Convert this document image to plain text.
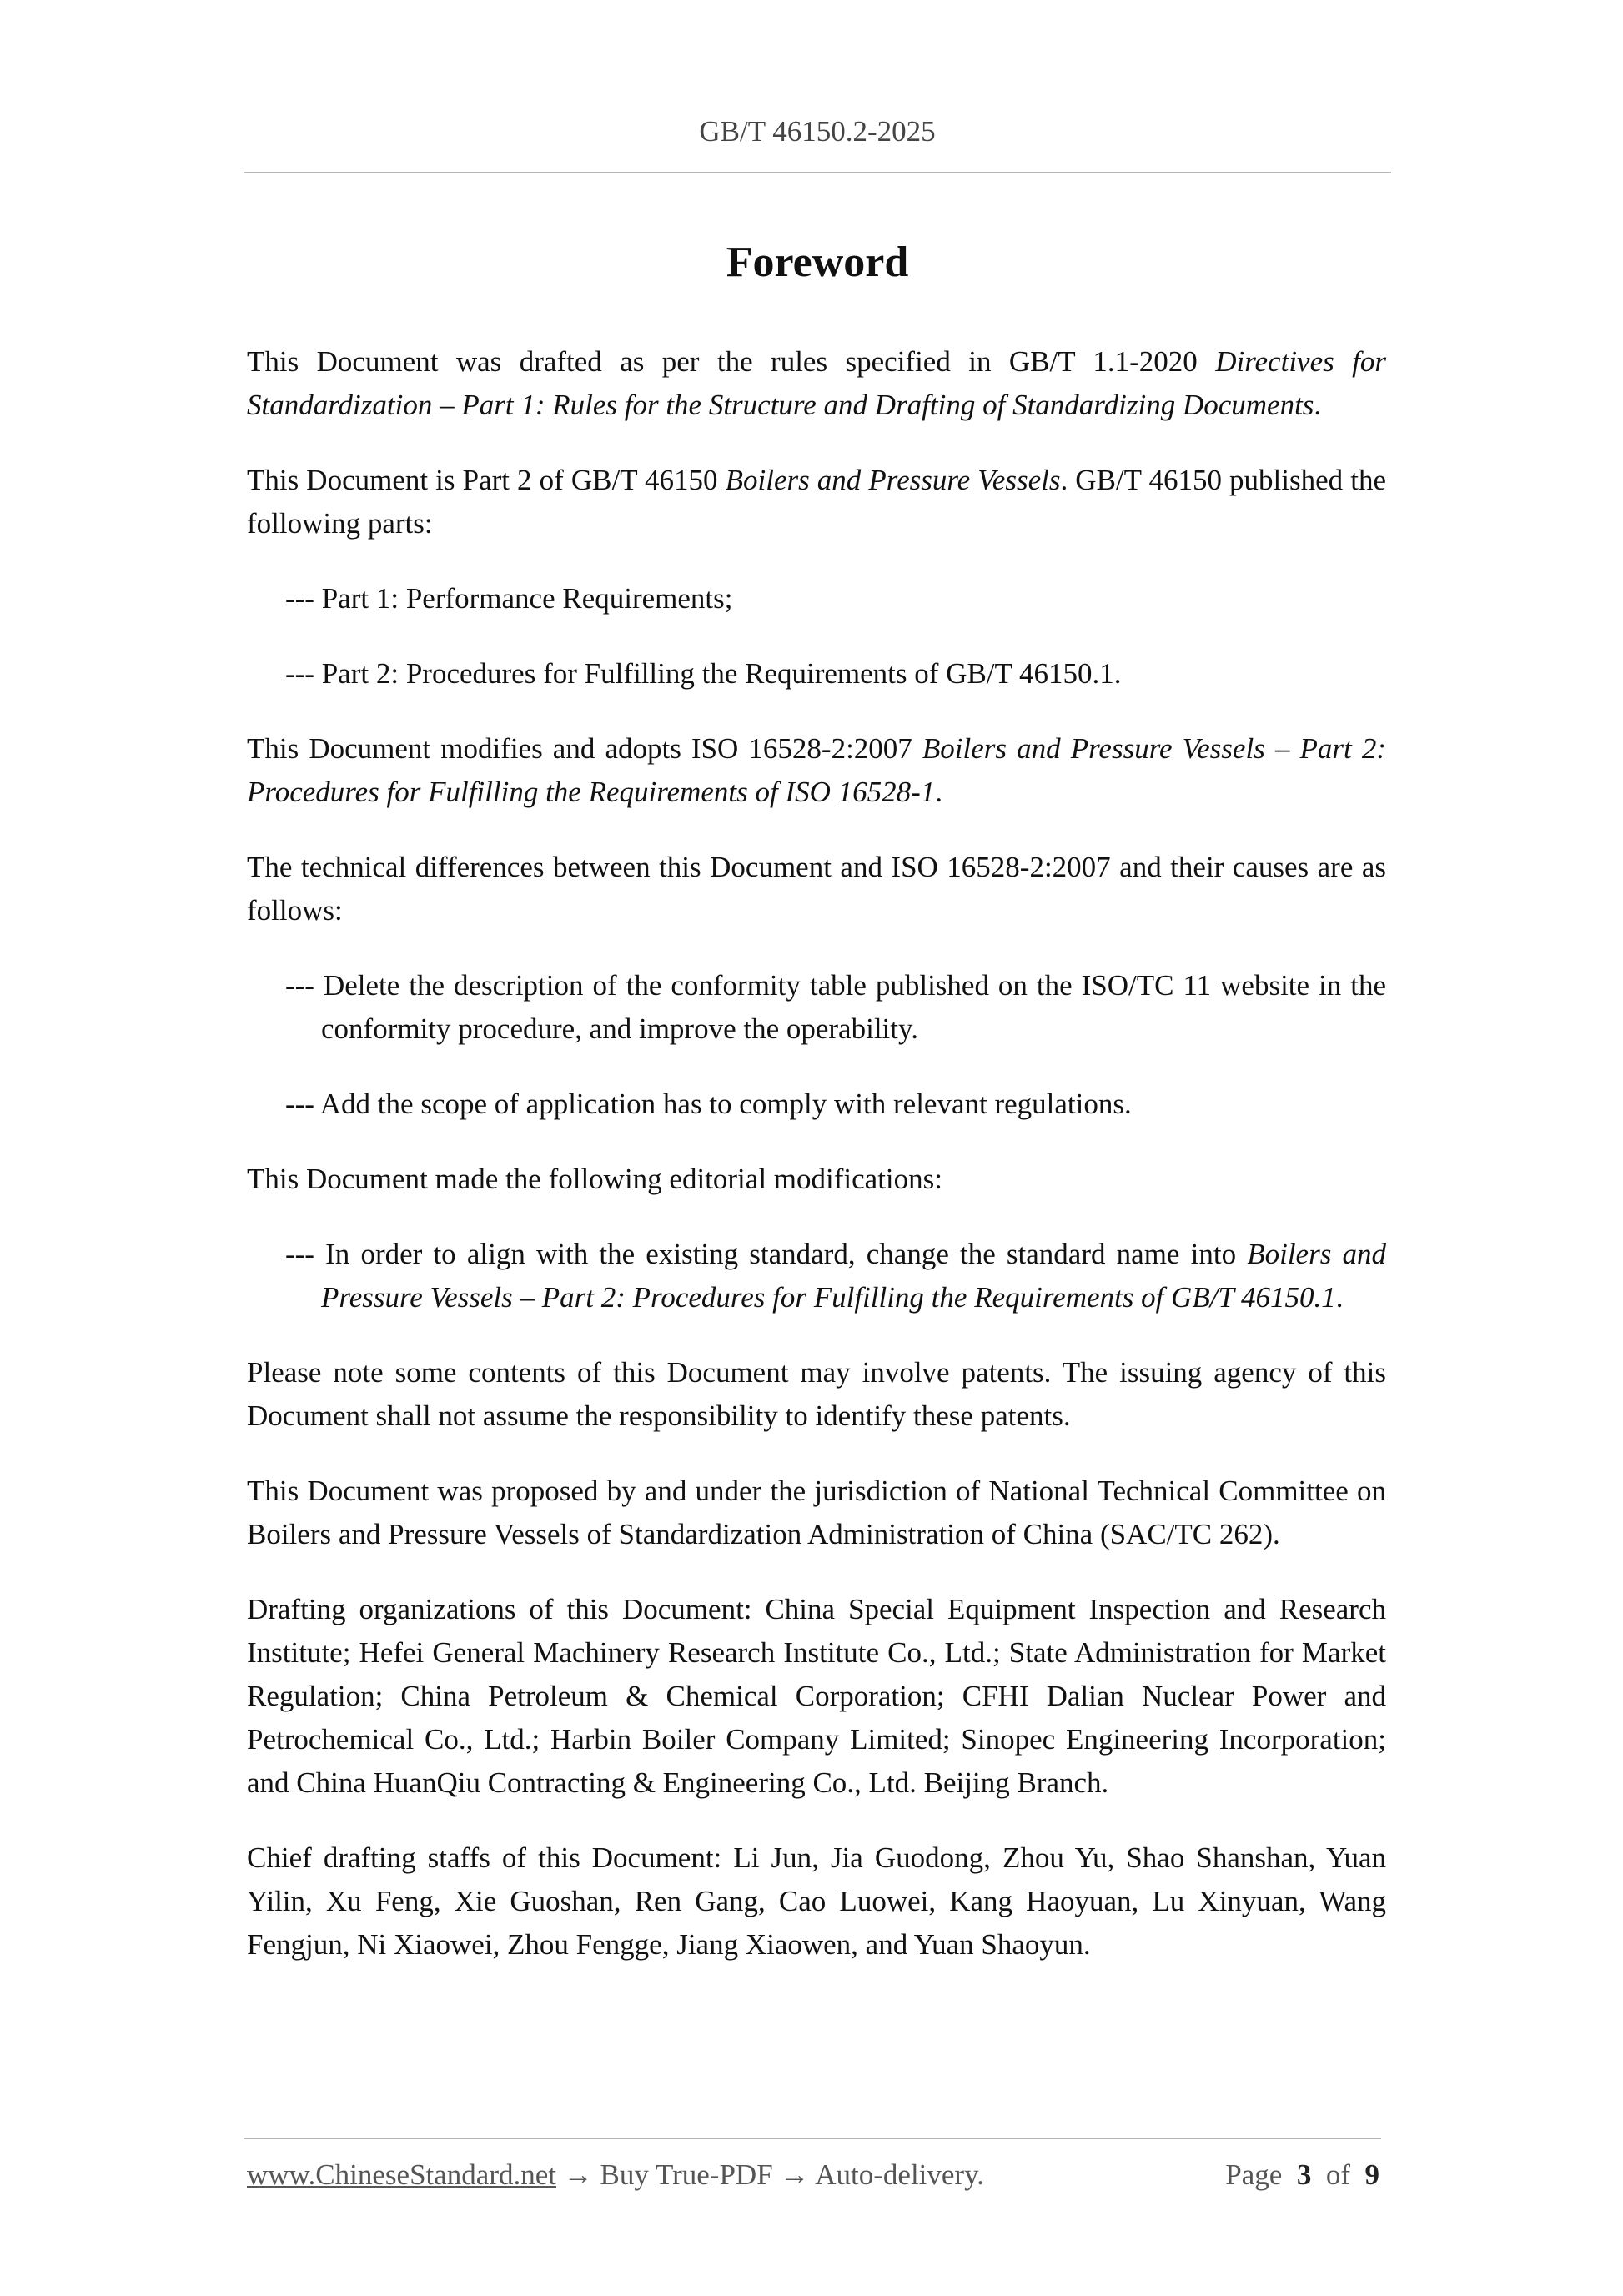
GB/T 46150.2-2025
Foreword

This Document was drafted as per the rules specified in GB/T 1.1-2020 Directives for Standardization – Part 1: Rules for the Structure and Drafting of Standardizing Documents.

This Document is Part 2 of GB/T 46150 Boilers and Pressure Vessels. GB/T 46150 published the following parts:

--- Part 1: Performance Requirements;

--- Part 2: Procedures for Fulfilling the Requirements of GB/T 46150.1.

This Document modifies and adopts ISO 16528-2:2007 Boilers and Pressure Vessels – Part 2: Procedures for Fulfilling the Requirements of ISO 16528-1.

The technical differences between this Document and ISO 16528-2:2007 and their causes are as follows:

--- Delete the description of the conformity table published on the ISO/TC 11 website in the conformity procedure, and improve the operability.

--- Add the scope of application has to comply with relevant regulations.

This Document made the following editorial modifications:

--- In order to align with the existing standard, change the standard name into Boilers and Pressure Vessels – Part 2: Procedures for Fulfilling the Requirements of GB/T 46150.1.

Please note some contents of this Document may involve patents. The issuing agency of this Document shall not assume the responsibility to identify these patents.

This Document was proposed by and under the jurisdiction of National Technical Committee on Boilers and Pressure Vessels of Standardization Administration of China (SAC/TC 262).

Drafting organizations of this Document: China Special Equipment Inspection and Research Institute; Hefei General Machinery Research Institute Co., Ltd.; State Administration for Market Regulation; China Petroleum & Chemical Corporation; CFHI Dalian Nuclear Power and Petrochemical Co., Ltd.; Harbin Boiler Company Limited; Sinopec Engineering Incorporation; and China HuanQiu Contracting & Engineering Co., Ltd. Beijing Branch.

Chief drafting staffs of this Document: Li Jun, Jia Guodong, Zhou Yu, Shao Shanshan, Yuan Yilin, Xu Feng, Xie Guoshan, Ren Gang, Cao Luowei, Kang Haoyuan, Lu Xinyuan, Wang Fengjun, Ni Xiaowei, Zhou Fengge, Jiang Xiaowen, and Yuan Shaoyun.

www.ChineseStandard.net → Buy True-PDF → Auto-delivery.	Page 3 of 9
